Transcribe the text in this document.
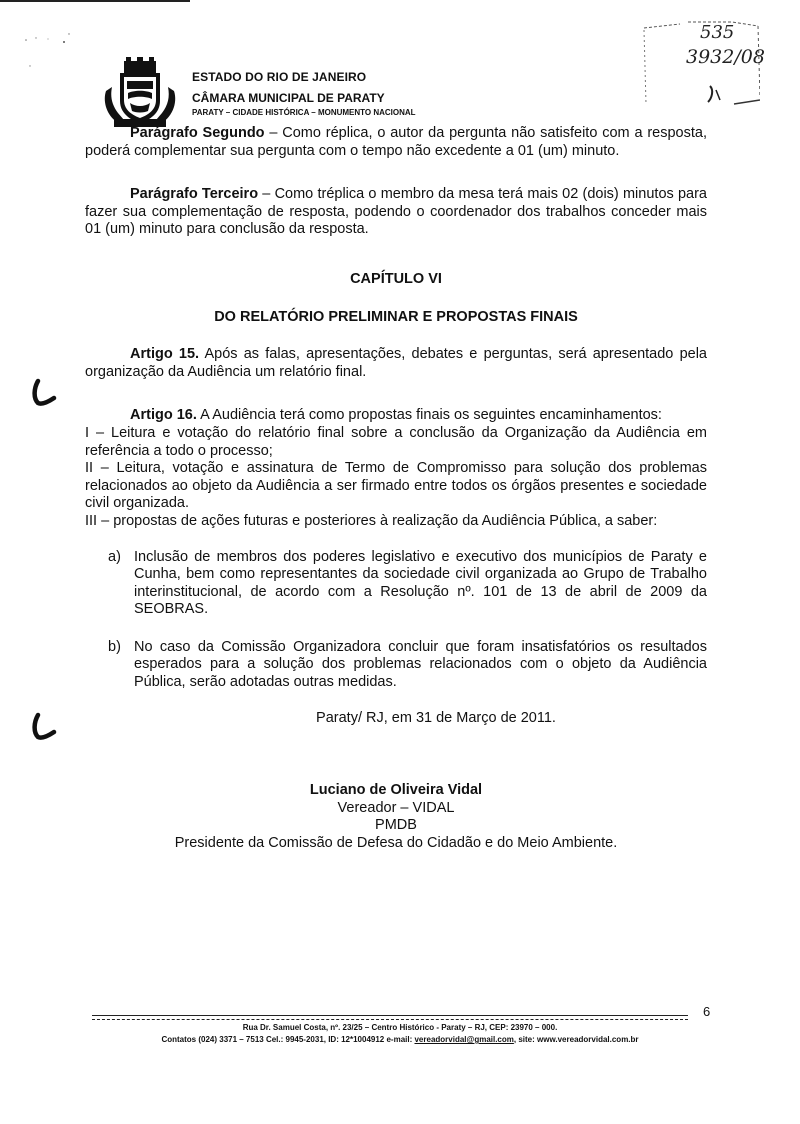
ESTADO DO RIO DE JANEIRO
CÂMARA MUNICIPAL DE PARATY
PARATY – CIDADE HISTÓRICA – MONUMENTO NACIONAL
535
3932/08

Parágrafo Segundo – Como réplica, o autor da pergunta não satisfeito com a resposta, poderá complementar sua pergunta com o tempo não excedente a 01 (um) minuto.

Parágrafo Terceiro – Como tréplica o membro da mesa terá mais 02 (dois) minutos para fazer sua complementação de resposta, podendo o coordenador dos trabalhos conceder mais 01 (um) minuto para conclusão da resposta.

CAPÍTULO VI

DO RELATÓRIO PRELIMINAR E PROPOSTAS FINAIS

Artigo 15. Após as falas, apresentações, debates e perguntas, será apresentado pela organização da Audiência um relatório final.

Artigo 16. A Audiência terá como propostas finais os seguintes encaminhamentos:

I – Leitura e votação do relatório final sobre a conclusão da Organização da Audiência em referência a todo o processo;

II – Leitura, votação e assinatura de Termo de Compromisso para solução dos problemas relacionados ao objeto da Audiência a ser firmado entre todos os órgãos presentes e sociedade civil organizada.

III – propostas de ações futuras e posteriores à realização da Audiência Pública, a saber:

a) Inclusão de membros dos poderes legislativo e executivo dos municípios de Paraty e Cunha, bem como representantes da sociedade civil organizada ao Grupo de Trabalho interinstitucional, de acordo com a Resolução nº. 101 de 13 de abril de 2009 da SEOBRAS.

b) No caso da Comissão Organizadora concluir que foram insatisfatórios os resultados esperados para a solução dos problemas relacionados com o objeto da Audiência Pública, serão adotadas outras medidas.

Paraty/ RJ, em 31 de Março de 2011.

Luciano de Oliveira Vidal
Vereador – VIDAL
PMDB
Presidente da Comissão de Defesa do Cidadão e do Meio Ambiente.
6
Rua Dr. Samuel Costa, nº. 23/25 – Centro Histórico - Paraty – RJ, CEP: 23970 – 000.
Contatos (024) 3371 – 7513 Cel.: 9945-2031, ID: 12*1004912 e-mail: vereadorvidal@gmail.com, site: www.vereadorvidal.com.br
